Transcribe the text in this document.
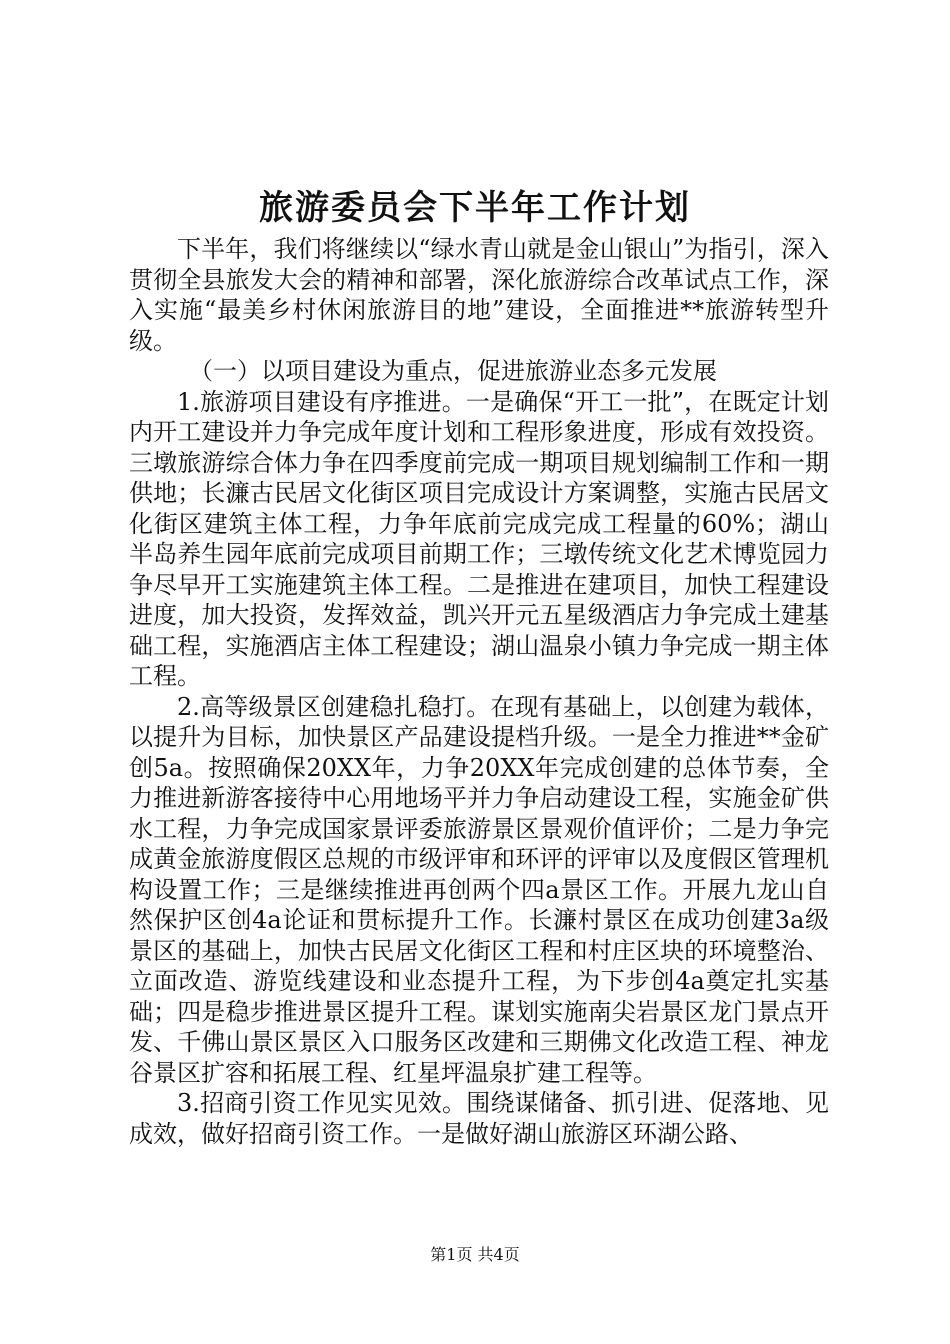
旅游委员会下半年工作计划

下半年，我们将继续以“绿水青山就是金山银山”为指引，深入贯彻全县旅发大会的精神和部署，深化旅游综合改革试点工作，深入实施“最美乡村休闲旅游目的地”建设，全面推进**旅游转型升级。

（一）以项目建设为重点，促进旅游业态多元发展

1.旅游项目建设有序推进。一是确保“开工一批”，在既定计划内开工建设并力争完成年度计划和工程形象进度，形成有效投资。三墩旅游综合体力争在四季度前完成一期项目规划编制工作和一期供地；长濂古民居文化街区项目完成设计方案调整，实施古民居文化街区建筑主体工程，力争年底前完成完成工程量的60%；湖山半岛养生园年底前完成项目前期工作；三墩传统文化艺术博览园力争尽早开工实施建筑主体工程。二是推进在建项目，加快工程建设进度，加大投资，发挥效益，凯兴开元五星级酒店力争完成土建基础工程，实施酒店主体工程建设；湖山温泉小镇力争完成一期主体工程。

2.高等级景区创建稳扎稳打。在现有基础上，以创建为载体，以提升为目标，加快景区产品建设提档升级。一是全力推进**金矿创5a。按照确保20XX年，力争20XX年完成创建的总体节奏，全力推进新游客接待中心用地场平并力争启动建设工程，实施金矿供水工程，力争完成国家景评委旅游景区景观价值评价；二是力争完成黄金旅游度假区总规的市级评审和环评的评审以及度假区管理机构设置工作；三是继续推进再创两个四a景区工作。开展九龙山自然保护区创4a论证和贯标提升工作。长濂村景区在成功创建3a级景区的基础上，加快古民居文化街区工程和村庄区块的环境整治、立面改造、游览线建设和业态提升工程，为下步创4a奠定扎实基础；四是稳步推进景区提升工程。谋划实施南尖岩景区龙门景点开发、千佛山景区景区入口服务区改建和三期佛文化改造工程、神龙谷景区扩容和拓展工程、红星坪温泉扩建工程等。

3.招商引资工作见实见效。围绕谋储备、抓引进、促落地、见成效，做好招商引资工作。一是做好湖山旅游区环湖公路、

第1页 共4页
